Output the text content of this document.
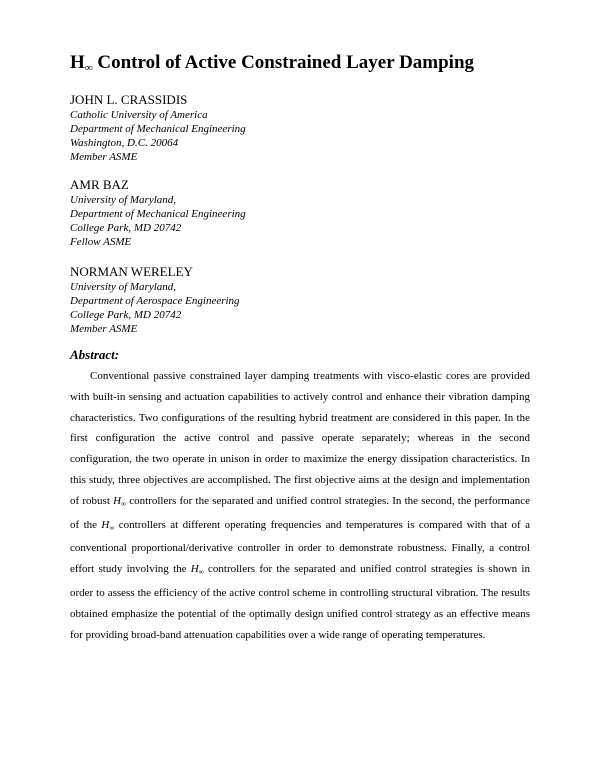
$H_\infty$ Control of Active Constrained Layer Damping
JOHN L. CRASSIDIS
Catholic University of America
Department of Mechanical Engineering
Washington, D.C. 20064
Member ASME
AMR BAZ
University of Maryland,
Department of Mechanical Engineering
College Park, MD 20742
Fellow ASME
NORMAN WERELEY
University of Maryland,
Department of Aerospace Engineering
College Park, MD 20742
Member ASME
Abstract:
Conventional passive constrained layer damping treatments with visco-elastic cores are provided with built-in sensing and actuation capabilities to actively control and enhance their vibration damping characteristics. Two configurations of the resulting hybrid treatment are considered in this paper. In the first configuration the active control and passive operate separately; whereas in the second configuration, the two operate in unison in order to maximize the energy dissipation characteristics. In this study, three objectives are accomplished. The first objective aims at the design and implementation of robust $H_\infty$ controllers for the separated and unified control strategies. In the second, the performance of the $H_\infty$ controllers at different operating frequencies and temperatures is compared with that of a conventional proportional/derivative controller in order to demonstrate robustness. Finally, a control effort study involving the $H_\infty$ controllers for the separated and unified control strategies is shown in order to assess the efficiency of the active control scheme in controlling structural vibration. The results obtained emphasize the potential of the optimally design unified control strategy as an effective means for providing broad-band attenuation capabilities over a wide range of operating temperatures.
